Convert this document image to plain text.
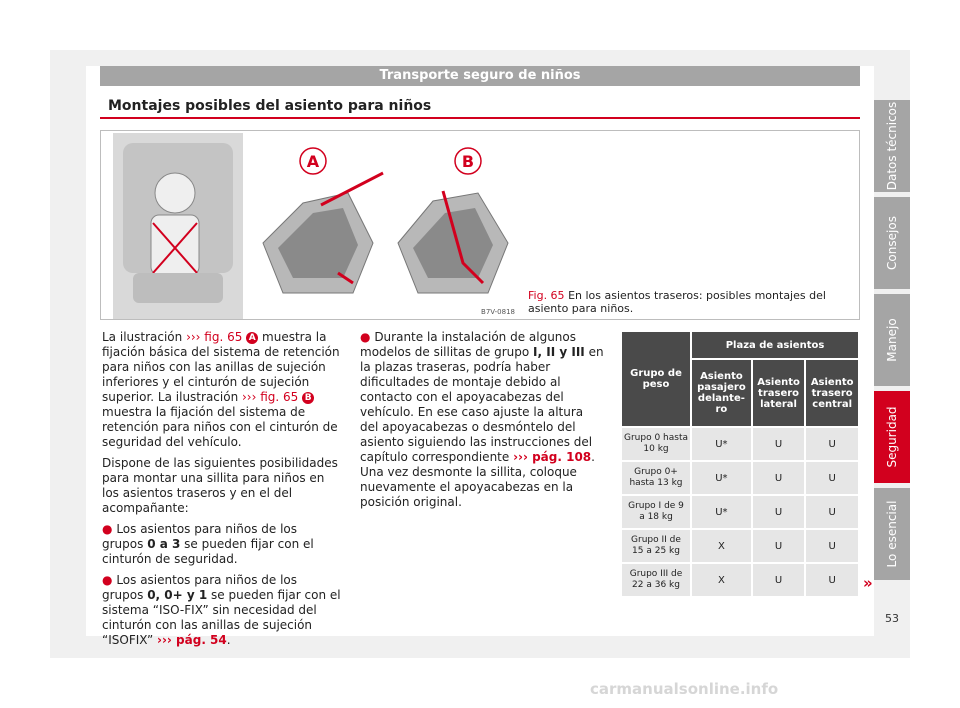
Transporte seguro de niños
Montajes posibles del asiento para niños
A	B
B7V-0818
Fig. 65 En los asientos traseros: posibles montajes del asiento para niños.

La ilustración ››› fig. 65 A muestra la fijación básica del sistema de retención para niños con las anillas de sujeción inferiores y el cinturón de sujeción superior. La ilustración ››› fig. 65 B muestra la fijación del sistema de retención para niños con el cinturón de seguridad del vehículo.

Dispone de las siguientes posibilidades para montar una sillita para niños en los asientos traseros y en el del acompañante:

● Los asientos para niños de los grupos 0 a 3 se pueden fijar con el cinturón de seguridad.

● Los asientos para niños de los grupos 0, 0+ y 1 se pueden fijar con el sistema “ISO-FIX” sin necesidad del cinturón con las anillas de sujeción “ISOFIX” ››› pág. 54.

● Durante la instalación de algunos modelos de sillitas de grupo I, II y III en la plazas traseras, podría haber dificultades de montaje debido al contacto con el apoyacabezas del vehículo. En ese caso ajuste la altura del apoyacabezas o desmóntelo del asiento siguiendo las instrucciones del capítulo correspondiente ››› pág. 108. Una vez desmonte la sillita, coloque nuevamente el apoyacabezas en la posición original.

Grupo de peso	Plaza de asientos		
	Asiento pasajero delante-ro	Asiento trasero lateral	Asiento trasero central
Grupo 0 hasta 10 kg	U*	U	U
Grupo 0+ hasta 13 kg	U*	U	U
Grupo I de 9 a 18 kg	U*	U	U
Grupo II de 15 a 25 kg	X	U	U
Grupo III de 22 a 36 kg	X	U	U »
53
Datos técnicos
Consejos
Manejo
Seguridad
Lo esencial
carmanualsonline.info
